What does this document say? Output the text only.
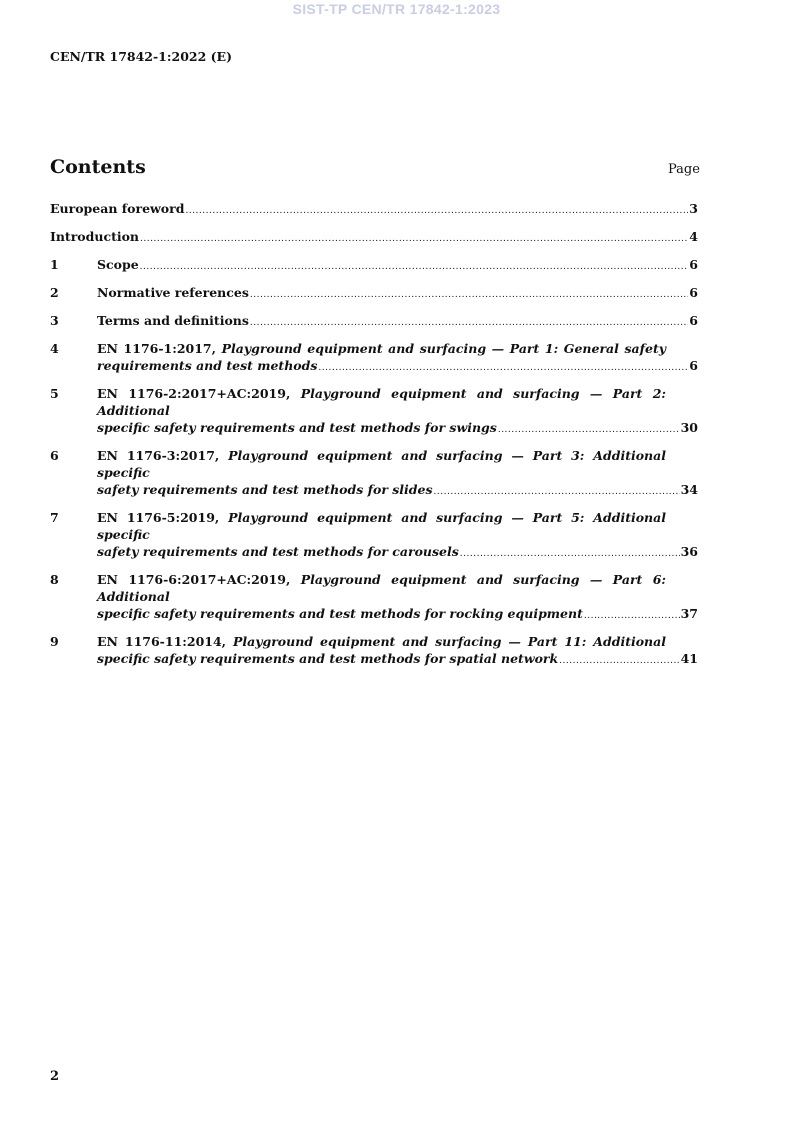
SIST-TP CEN/TR 17842-1:2023
CEN/TR 17842-1:2022 (E)
Contents	Page
European foreword .....	3
Introduction .....	4
1	Scope .....	6
2	Normative references .....	6
3	Terms and definitions .....	6
4	EN 1176-1:2017, Playground equipment and surfacing — Part 1: General safety
requirements and test methods .....	6
5	EN 1176-2:2017+AC:2019, Playground equipment and surfacing — Part 2: Additional
specific safety requirements and test methods for swings .....	30
6	EN 1176-3:2017, Playground equipment and surfacing — Part 3: Additional specific
safety requirements and test methods for slides .....	34
7	EN 1176-5:2019, Playground equipment and surfacing — Part 5: Additional specific
safety requirements and test methods for carousels .....	36
8	EN 1176-6:2017+AC:2019, Playground equipment and surfacing — Part 6: Additional
specific safety requirements and test methods for rocking equipment .....	37
9	EN 1176-11:2014, Playground equipment and surfacing — Part 11: Additional
specific safety requirements and test methods for spatial network .....	41
2
